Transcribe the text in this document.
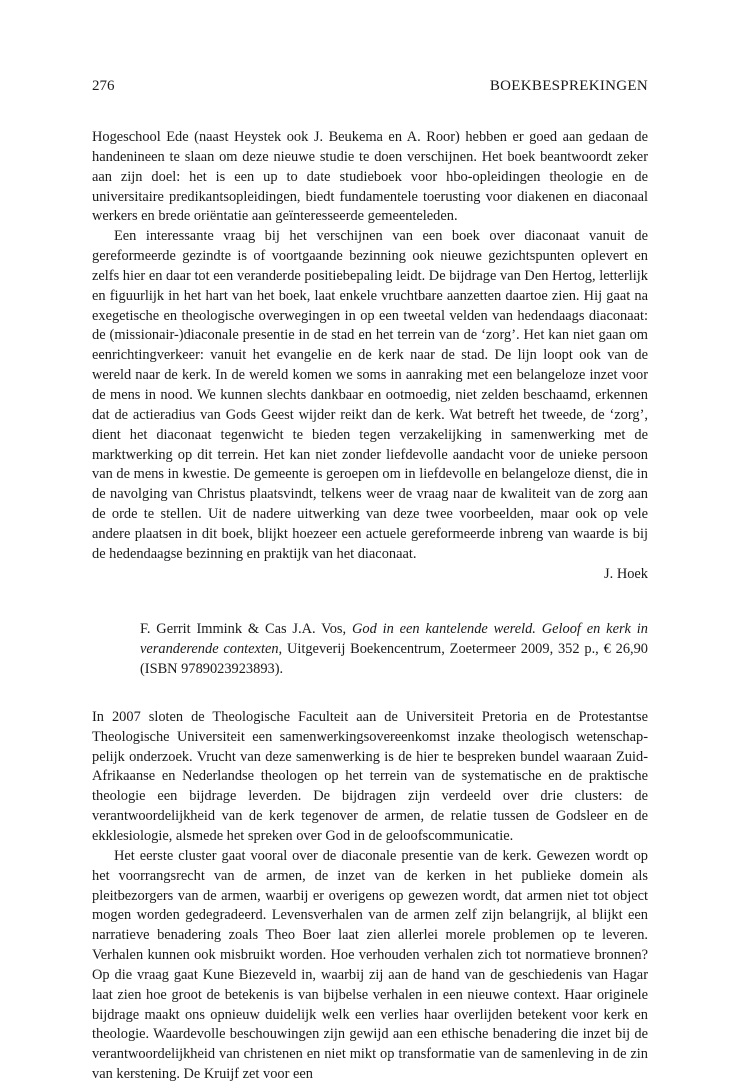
276	BOEKBESPREKINGEN

Hogeschool Ede (naast Heystek ook J. Beukema en A. Roor) hebben er goed aan gedaan de handenineen te slaan om deze nieuwe studie te doen verschijnen. Het boek beantwoordt zeker aan zijn doel: het is een up to date studieboek voor hbo-opleidingen theologie en de universitaire predikantsopleidingen, biedt fundamentele toerusting voor diakenen en diaconaal werkers en brede oriëntatie aan geïnteresseerde gemeenteleden.

Een interessante vraag bij het verschijnen van een boek over diaconaat vanuit de gereformeerde gezindte is of voortgaande bezinning ook nieuwe gezichtspunten oplevert en zelfs hier en daar tot een veranderde positiebepaling leidt. De bijdrage van Den Hertog, letterlijk en figuurlijk in het hart van het boek, laat enkele vruchtbare aanzetten daartoe zien. Hij gaat na exegetische en theologische overwegingen in op een tweetal velden van hedendaags diaconaat: de (missionair-)diaconale presentie in de stad en het terrein van de ‘zorg’. Het kan niet gaan om eenrichtingverkeer: vanuit het evangelie en de kerk naar de stad. De lijn loopt ook van de wereld naar de kerk. In de wereld komen we soms in aanraking met een belangeloze inzet voor de mens in nood. We kunnen slechts dankbaar en ootmoedig, niet zelden beschaamd, erkennen dat de actieradius van Gods Geest wijder reikt dan de kerk. Wat betreft het tweede, de ‘zorg’, dient het diaconaat tegenwicht te bieden tegen verzakelijking in samenwerking met de marktwerking op dit terrein. Het kan niet zonder liefdevolle aandacht voor de unieke persoon van de mens in kwestie. De gemeente is geroepen om in liefdevolle en belangeloze dienst, die in de navolging van Christus plaatsvindt, telkens weer de vraag naar de kwaliteit van de zorg aan de orde te stellen. Uit de nadere uitwerking van deze twee voorbeelden, maar ook op vele andere plaatsen in dit boek, blijkt hoezeer een actuele gereformeerde inbreng van waarde is bij de hedendaagse bezinning en praktijk van het diaconaat.

J. Hoek

F. Gerrit Immink & Cas J.A. Vos, God in een kantelende wereld. Geloof en kerk in veranderende contexten, Uitgeverij Boekencentrum, Zoetermeer 2009, 352 p., € 26,90 (ISBN 9789023923893).

In 2007 sloten de Theologische Faculteit aan de Universiteit Pretoria en de Protestantse Theologische Universiteit een samenwerkingsovereenkomst inzake theologisch wetenschappelijk onderzoek. Vrucht van deze samenwerking is de hier te bespreken bundel waaraan Zuid-Afrikaanse en Nederlandse theologen op het terrein van de systematische en de praktische theologie een bijdrage leverden. De bijdragen zijn verdeeld over drie clusters: de verantwoordelijkheid van de kerk tegenover de armen, de relatie tussen de Godsleer en de ekklesiologie, alsmede het spreken over God in de geloofscommunicatie.

Het eerste cluster gaat vooral over de diaconale presentie van de kerk. Gewezen wordt op het voorrangsrecht van de armen, de inzet van de kerken in het publieke domein als pleitbezorgers van de armen, waarbij er overigens op gewezen wordt, dat armen niet tot object mogen worden gedegradeerd. Levensverhalen van de armen zelf zijn belangrijk, al blijkt een narratieve benadering zoals Theo Boer laat zien allerlei morele problemen op te leveren. Verhalen kunnen ook misbruikt worden. Hoe verhouden verhalen zich tot normatieve bronnen? Op die vraag gaat Kune Biezeveld in, waarbij zij aan de hand van de geschiedenis van Hagar laat zien hoe groot de betekenis is van bijbelse verhalen in een nieuwe context. Haar originele bijdrage maakt ons opnieuw duidelijk welk een verlies haar overlijden betekent voor kerk en theologie. Waardevolle beschouwingen zijn gewijd aan een ethische benadering die inzet bij de verantwoordelijkheid van christenen en niet mikt op transformatie van de samenleving in de zin van kerstening. De Kruijf zet voor een
